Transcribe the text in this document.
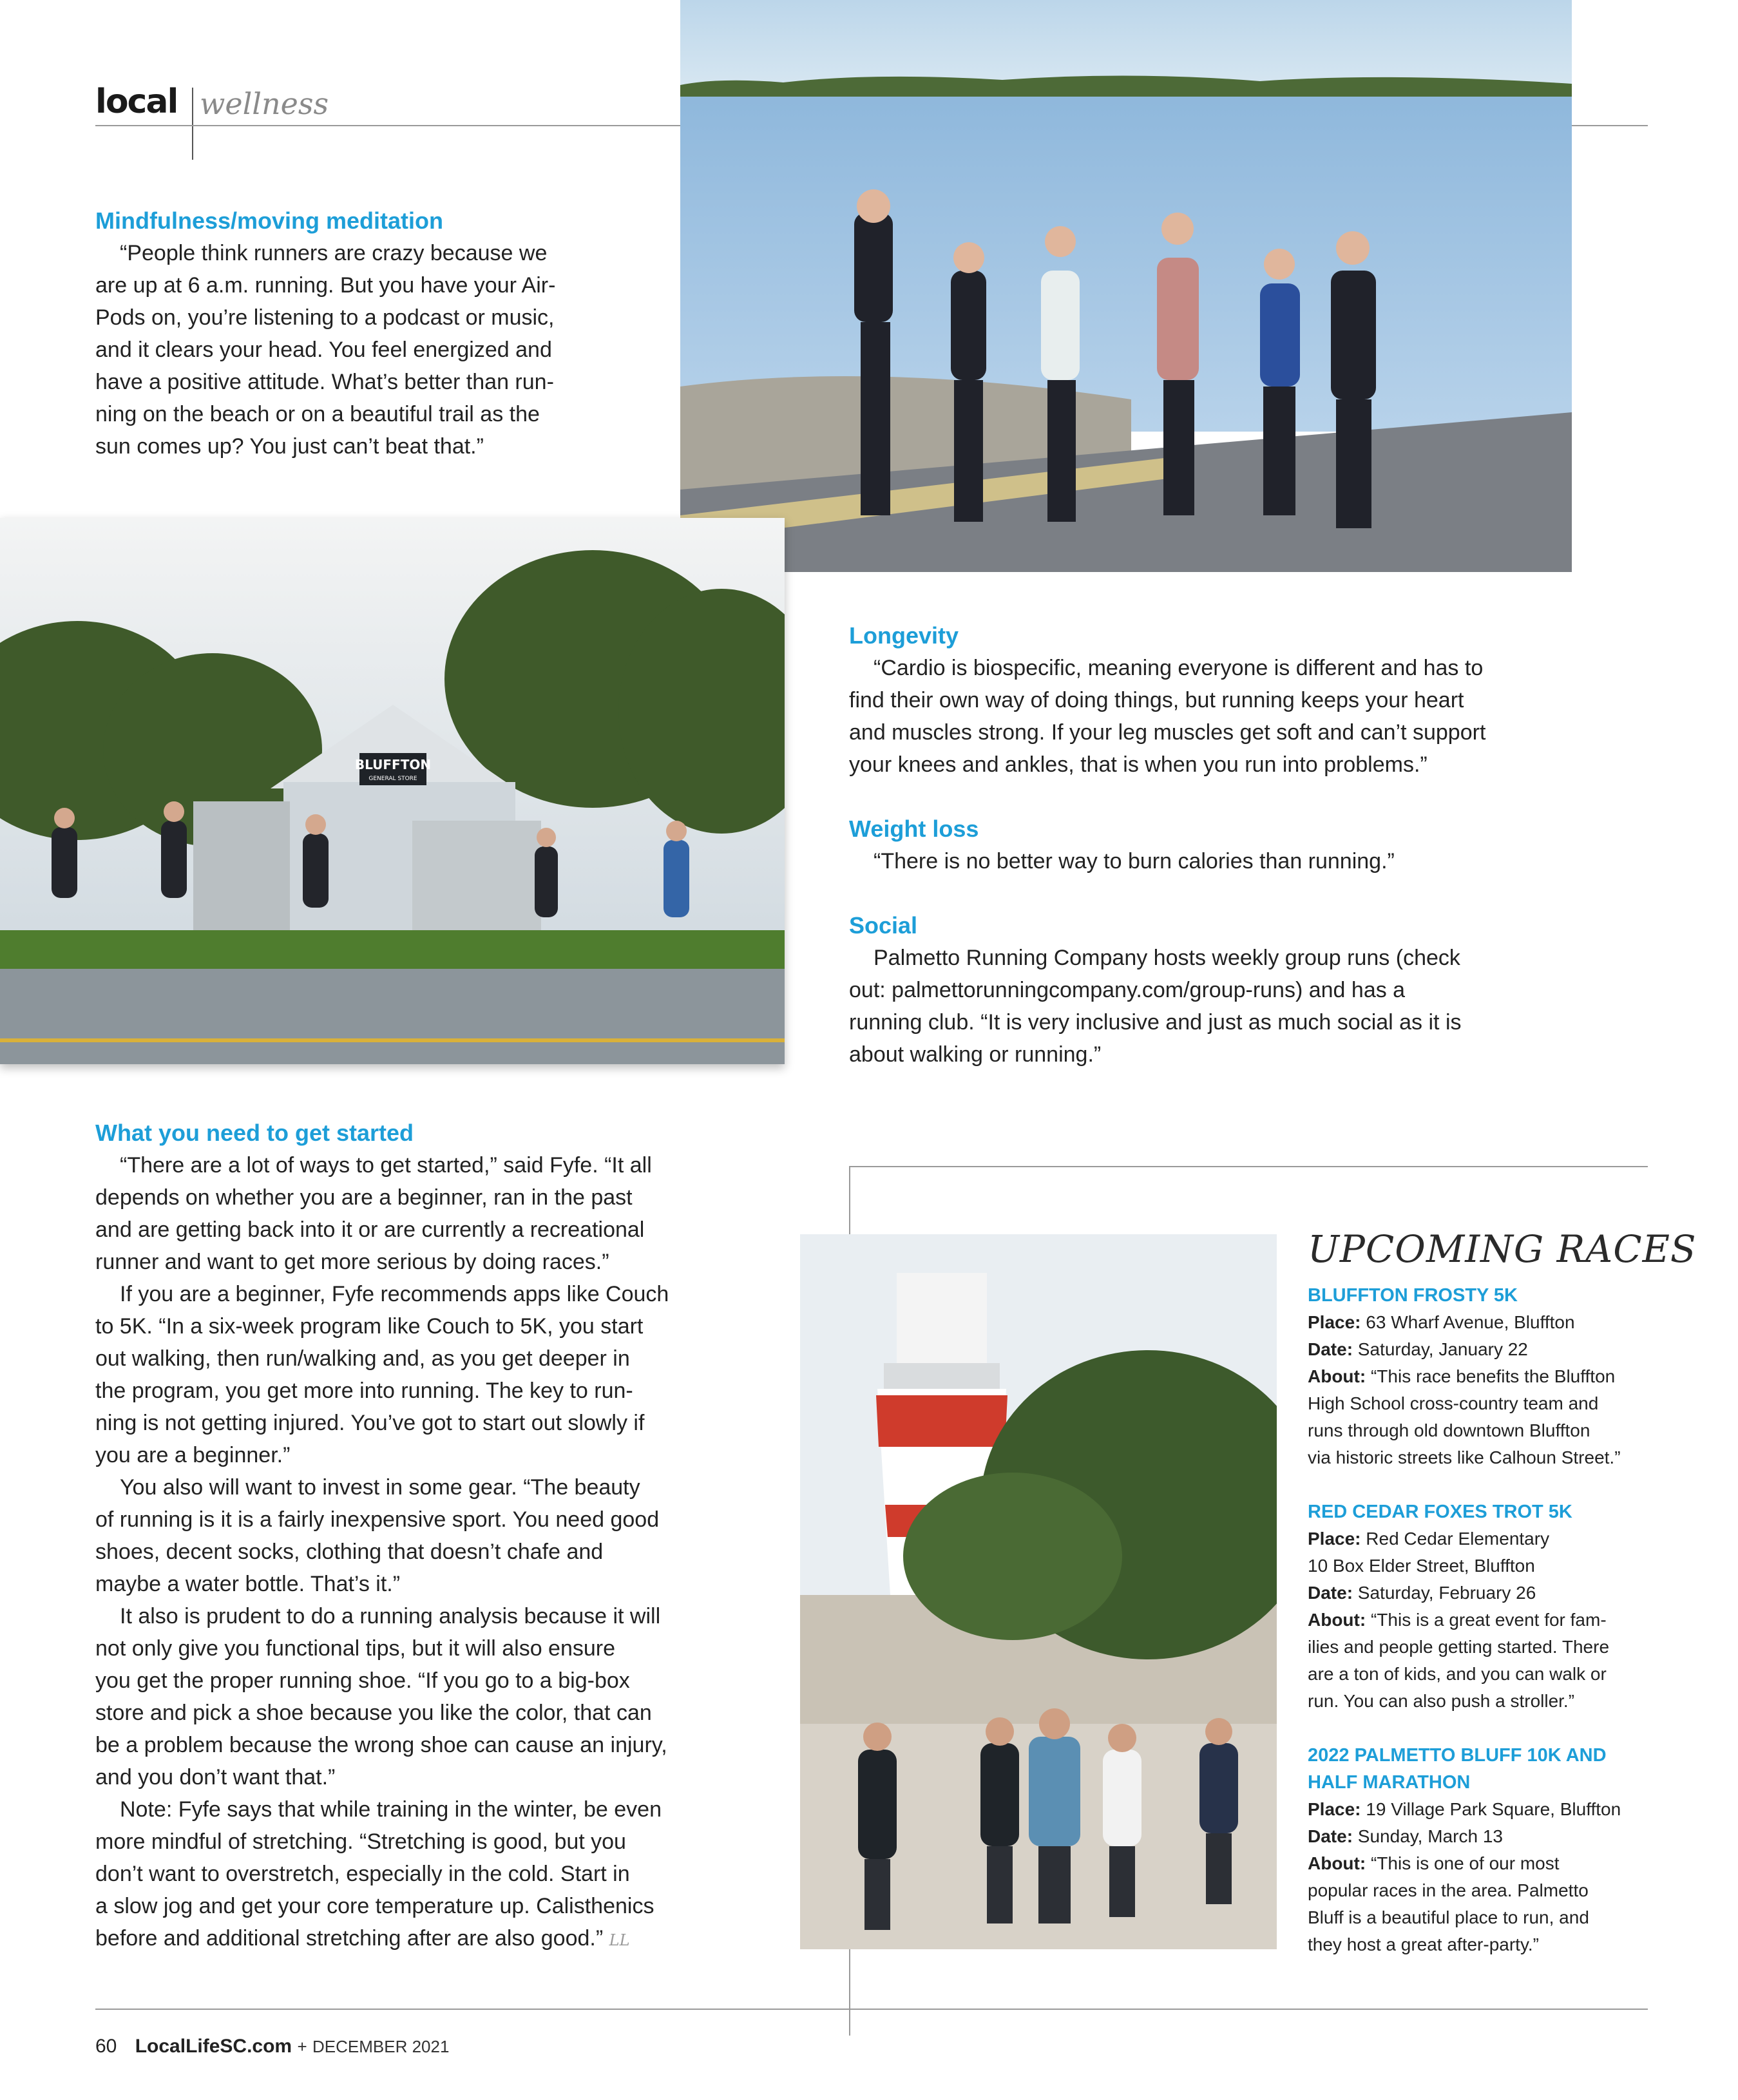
local wellness
Mindfulness/moving meditation

“People think runners are crazy because we

are up at 6 a.m. running. But you have your Air-
Pods on, you’re listening to a podcast or music,
and it clears your head. You feel energized and
have a positive attitude. What’s better than run-
ning on the beach or on a beautiful trail as the
sun comes up? You just can’t beat that.”
BLUFFTON
GENERAL STORE
Longevity

“Cardio is biospecific, meaning everyone is different and has to

find their own way of doing things, but running keeps your heart
and muscles strong. If your leg muscles get soft and can’t support
your knees and ankles, that is when you run into problems.”
Weight loss

“There is no better way to burn calories than running.”

Social

Palmetto Running Company hosts weekly group runs (check

out: palmettorunningcompany.com/group-runs) and has a
running club. “It is very inclusive and just as much social as it is
about walking or running.”
What you need to get started

“There are a lot of ways to get started,” said Fyfe. “It all

depends on whether you are a beginner, ran in the past
and are getting back into it or are currently a recreational
runner and want to get more serious by doing races.”

If you are a beginner, Fyfe recommends apps like Couch

to 5K. “In a six-week program like Couch to 5K, you start
out walking, then run/walking and, as you get deeper in
the program, you get more into running. The key to run-
ning is not getting injured. You’ve got to start out slowly if
you are a beginner.”

You also will want to invest in some gear. “The beauty

of running is it is a fairly inexpensive sport. You need good
shoes, decent socks, clothing that doesn’t chafe and
maybe a water bottle. That’s it.”

It also is prudent to do a running analysis because it will

not only give you functional tips, but it will also ensure
you get the proper running shoe. “If you go to a big-box
store and pick a shoe because you like the color, that can
be a problem because the wrong shoe can cause an injury,
and you don’t want that.”

Note: Fyfe says that while training in the winter, be even

more mindful of stretching. “Stretching is good, but you
don’t want to overstretch, especially in the cold. Start in
a slow jog and get your core temperature up. Calisthenics
before and additional stretching after are also good.” LL
UPCOMING RACES
BLUFFTON FROSTY 5K
Place: 63 Wharf Avenue, Bluffton
Date: Saturday, January 22
About: “This race benefits the Bluffton
High School cross-country team and
runs through old downtown Bluffton
via historic streets like Calhoun Street.”
RED CEDAR FOXES TROT 5K
Place: Red Cedar Elementary
10 Box Elder Street, Bluffton
Date: Saturday, February 26
About: “This is a great event for fam-
ilies and people getting started. There
are a ton of kids, and you can walk or
run. You can also push a stroller.”
2022 PALMETTO BLUFF 10K AND
HALF MARATHON
Place: 19 Village Park Square, Bluffton
Date: Sunday, March 13
About: “This is one of our most
popular races in the area. Palmetto
Bluff is a beautiful place to run, and
they host a great after-party.”
60 LocalLifeSC.com + DECEMBER 2021
